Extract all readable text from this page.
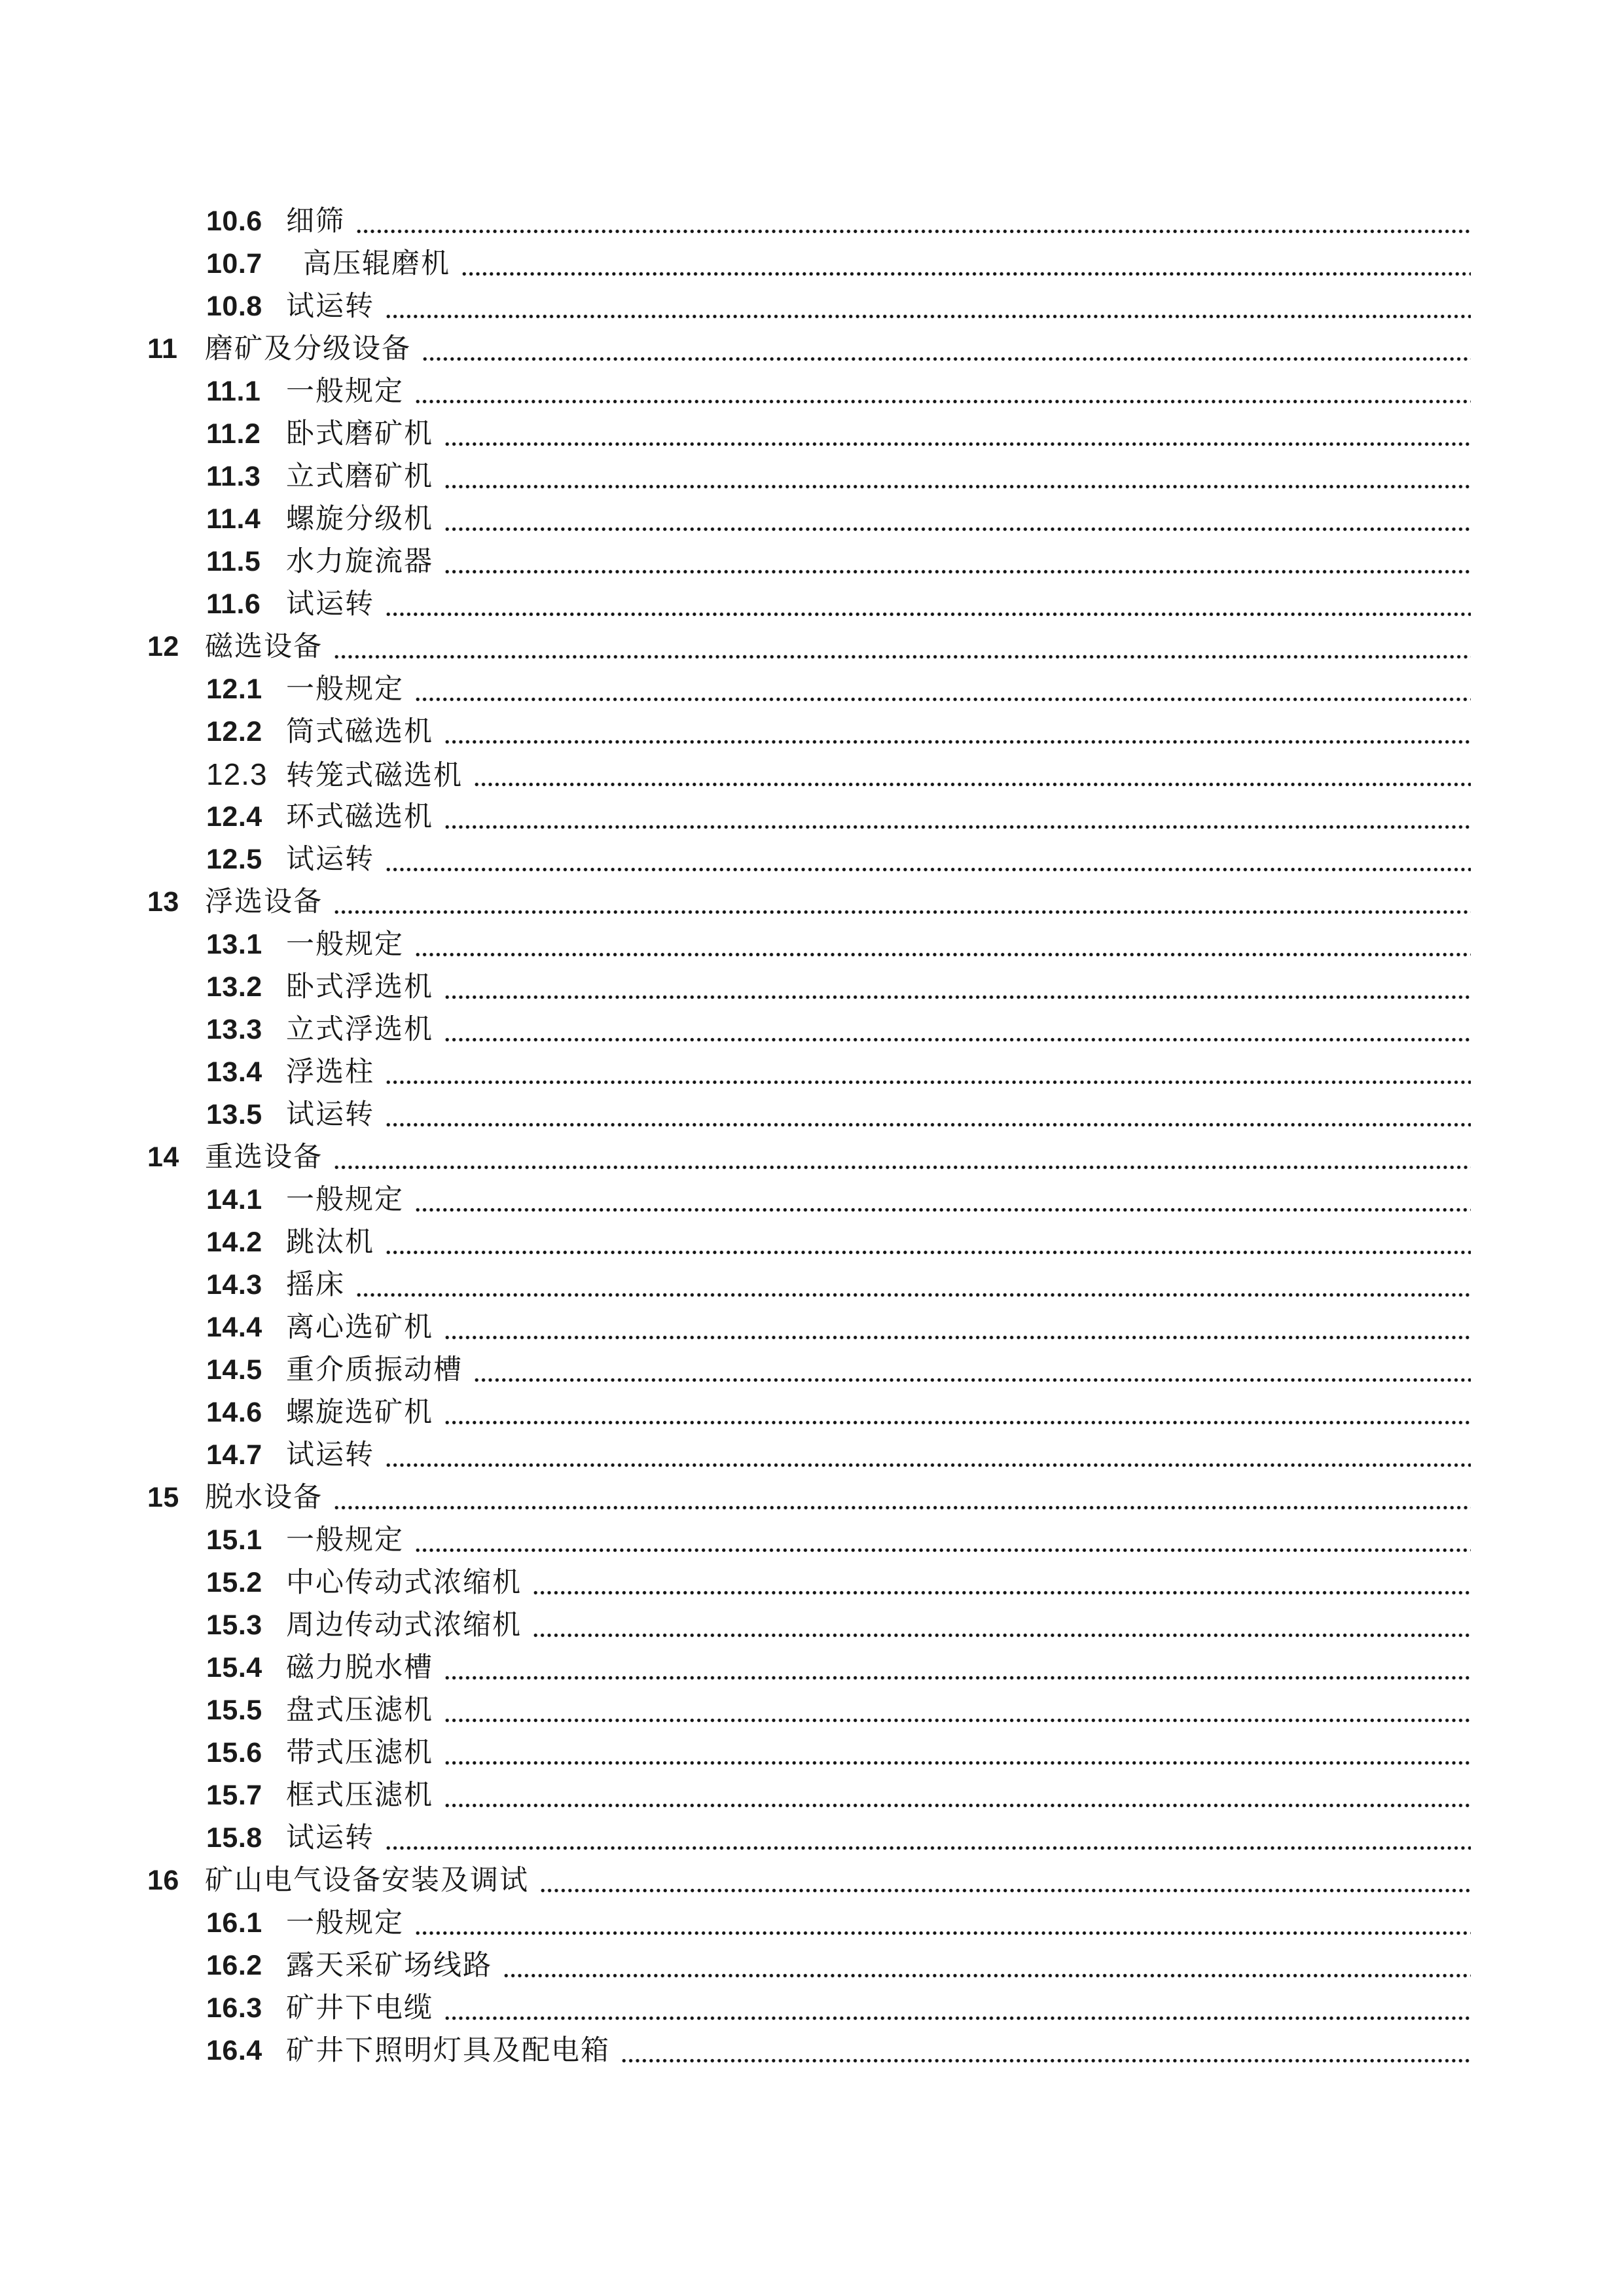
10.6 细筛
10.7	高压辊磨机
10.8 试运转
11 磨矿及分级设备
11.1 一般规定
11.2 卧式磨矿机
11.3 立式磨矿机
11.4 螺旋分级机
11.5 水力旋流器
11.6 试运转
12 磁选设备
12.1 一般规定
12.2 筒式磁选机
12.3 转笼式磁选机
12.4 环式磁选机
12.5 试运转
13 浮选设备
13.1 一般规定
13.2 卧式浮选机
13.3 立式浮选机
13.4 浮选柱
13.5 试运转
14 重选设备
14.1 一般规定
14.2 跳汰机
14.3 摇床
14.4 离心选矿机
14.5 重介质振动槽
14.6 螺旋选矿机
14.7 试运转
15 脱水设备
15.1 一般规定
15.2 中心传动式浓缩机
15.3 周边传动式浓缩机
15.4 磁力脱水槽
15.5 盘式压滤机
15.6 带式压滤机
15.7 框式压滤机
15.8 试运转
16 矿山电气设备安装及调试
16.1 一般规定
16.2 露天采矿场线路
16.3 矿井下电缆
16.4 矿井下照明灯具及配电箱
